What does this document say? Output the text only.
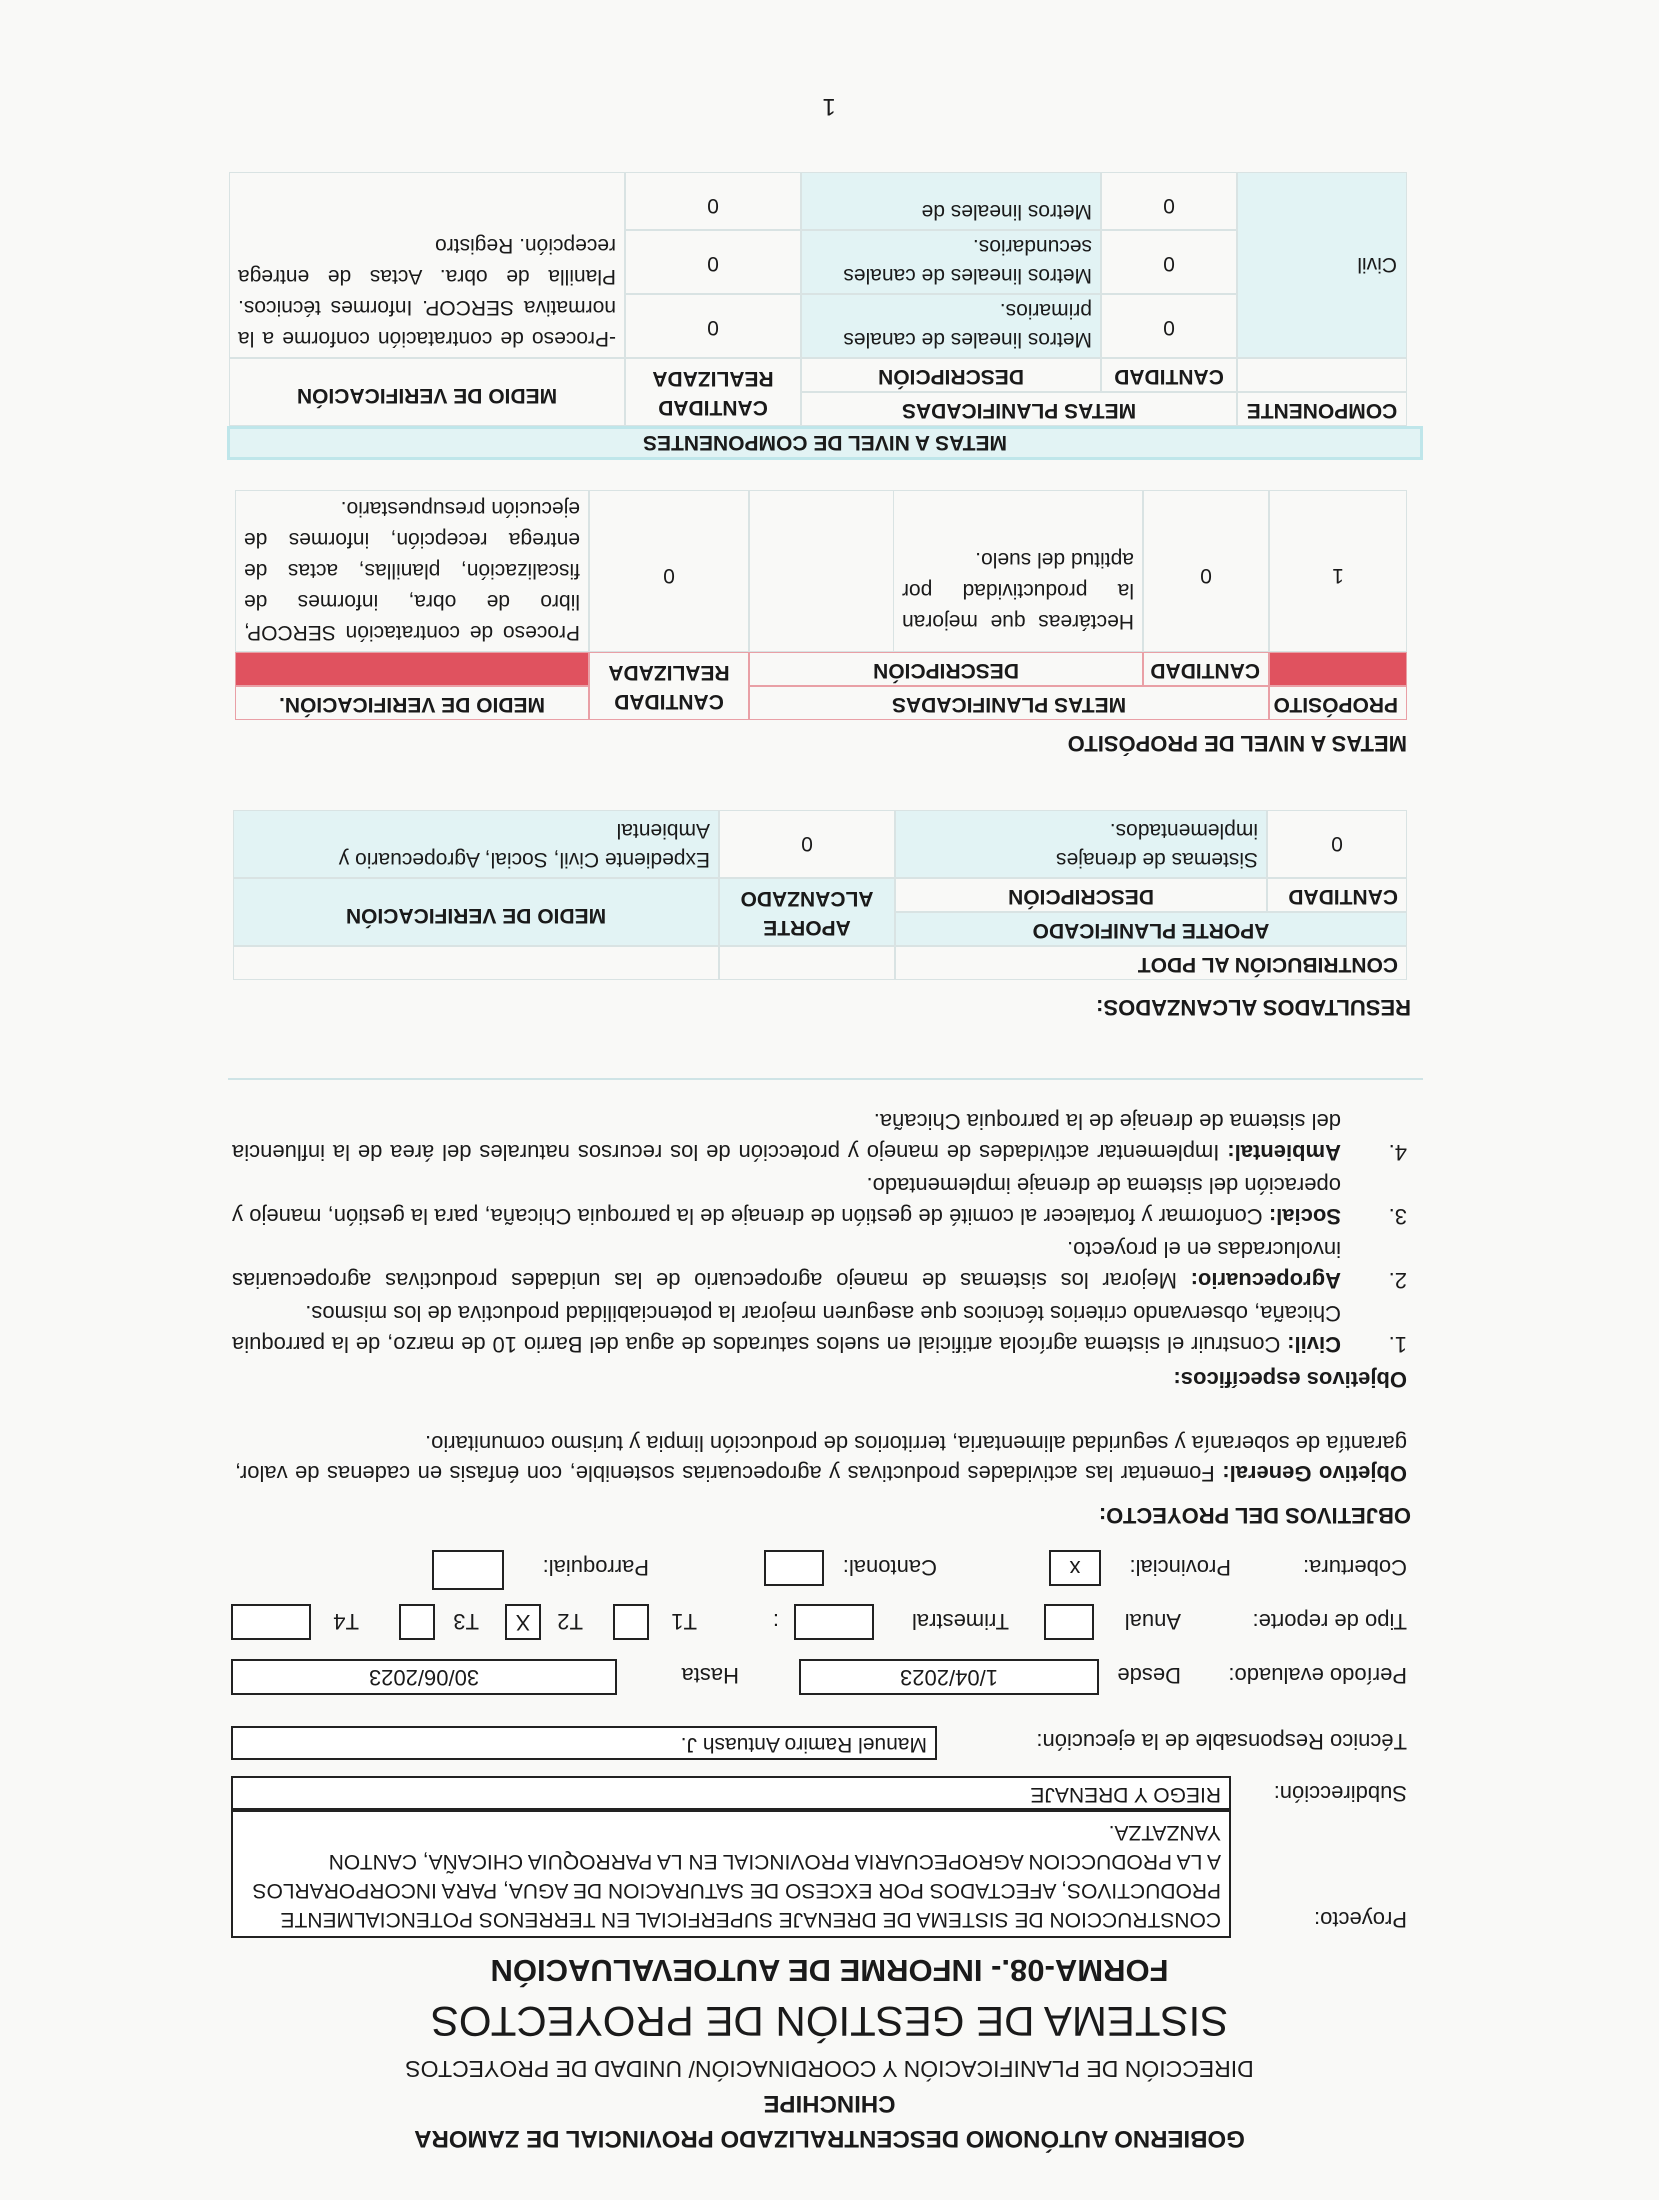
GOBIERNO AUTÓNOMO DESCENTRALIZADO PROVINCIAL DE ZAMORA
CHINCHIPE
DIRECCIÓN DE PLANIFICACIÓN Y COORDINACIÓN/ UNIDAD DE PROYECTOS
SISTEMA DE GESTIÓN DE PROYECTOS
FORMA-08.- INFORME DE AUTOEVALUACIÓN
Proyecto:
CONSTRUCCION DE SISTEMA DE DRENAJE SUPERFICIAL EN TERRENOS POTENCIALMENTE PRODUCTIVOS, AFECTADOS POR EXCESO DE SATURACION DE AGUA, PARA INCORPORARLOS A LA PRODUCCION AGROPECUARIA PROVINCIAL EN LA PARROQUIA CHICAÑA, CANTON YANZATZA.
Subdirección:
RIEGO Y DRENAJE
Técnico Responsable de la ejecución:
Manuel Ramiro Antuash J.
Período evaluado:
Desde
1/04/2023
Hasta
30/06/2023
Tipo de reporte:
Anual
Trimestral
:
T1
T2
X
T3
T4
Cobertura:
Provincial:
x
Cantonal:
Parroquial:
OBJETIVOS DEL PROYECTO:
Objetivo General: Fomentar las actividades productivas y agropecuarias sostenible, con énfasis en cadenas de valor, garantía de soberanía y seguridad alimentaria, territorios de producción limpia y turismo comunitario.
Objetivos específicos:
1.
Civil: Construir el sistema agrícola artificial en suelos saturados de agua del Barrio 10 de marzo, de la parroquia Chicaña, observando criterios técnicos que aseguren mejorar la potenciabilidad productiva de los mismos.
2.
Agropecuario: Mejorar los sistemas de manejo agropecuario de las unidades productivas agropecuarias involucradas en el proyecto.
3.
Social: Conformar y fortalecer al comité de gestión de drenaje de la parroquia Chicaña, para la gestión, manejo y operación del sistema de drenaje implementado.
4.
Ambiental: Implementar actividades de manejo y protección de los recursos naturales del área de la influencia del sistema de drenaje de la parroquia Chicaña.
RESULTADOS ALCANZADOS:
CONTRIBUCIÓN AL PDOT
APORTE PLANIFICADO
APORTE ALCANZADO
MEDIO DE VERIFICACIÓN
CANTIDAD
DESCRIPCIÓN
0
Sistemas de drenajes implementados.
0
Expediente Civil, Social, Agropecuario y Ambiental
METAS A NIVEL DE PROPÓSITO
PROPÓSITO
METAS PLANIFICADAS
CANTIDAD REALIZADA
MEDIO DE VERIFICACIÓN.
CANTIDAD
DESCRIPCIÓN
1
0
Hectáreas que mejoran la productividad por aptitud del suelo.
0
Proceso de contratación SERCOP, libro de obra, informes de fiscalización, planillas, actas de entrega recepción, informes de ejecución presupuestario.
METAS A NIVEL DE COMPONENTES
COMPONENTE
METAS PLANIFICADAS
CANTIDAD REALIZADA
MEDIO DE VERIFICACIÓN
CANTIDAD
DESCRIPCIÓN
Civil
0
Metros lineales de canales primarios.
0
0
Metros lineales de canales secundarios.
0
0
Metros lineales de
0
-Proceso de contratación conforme a la normativa SERCOP. Informes técnicos. Planilla de obra. Actas de entrega recepción. Registro
1
